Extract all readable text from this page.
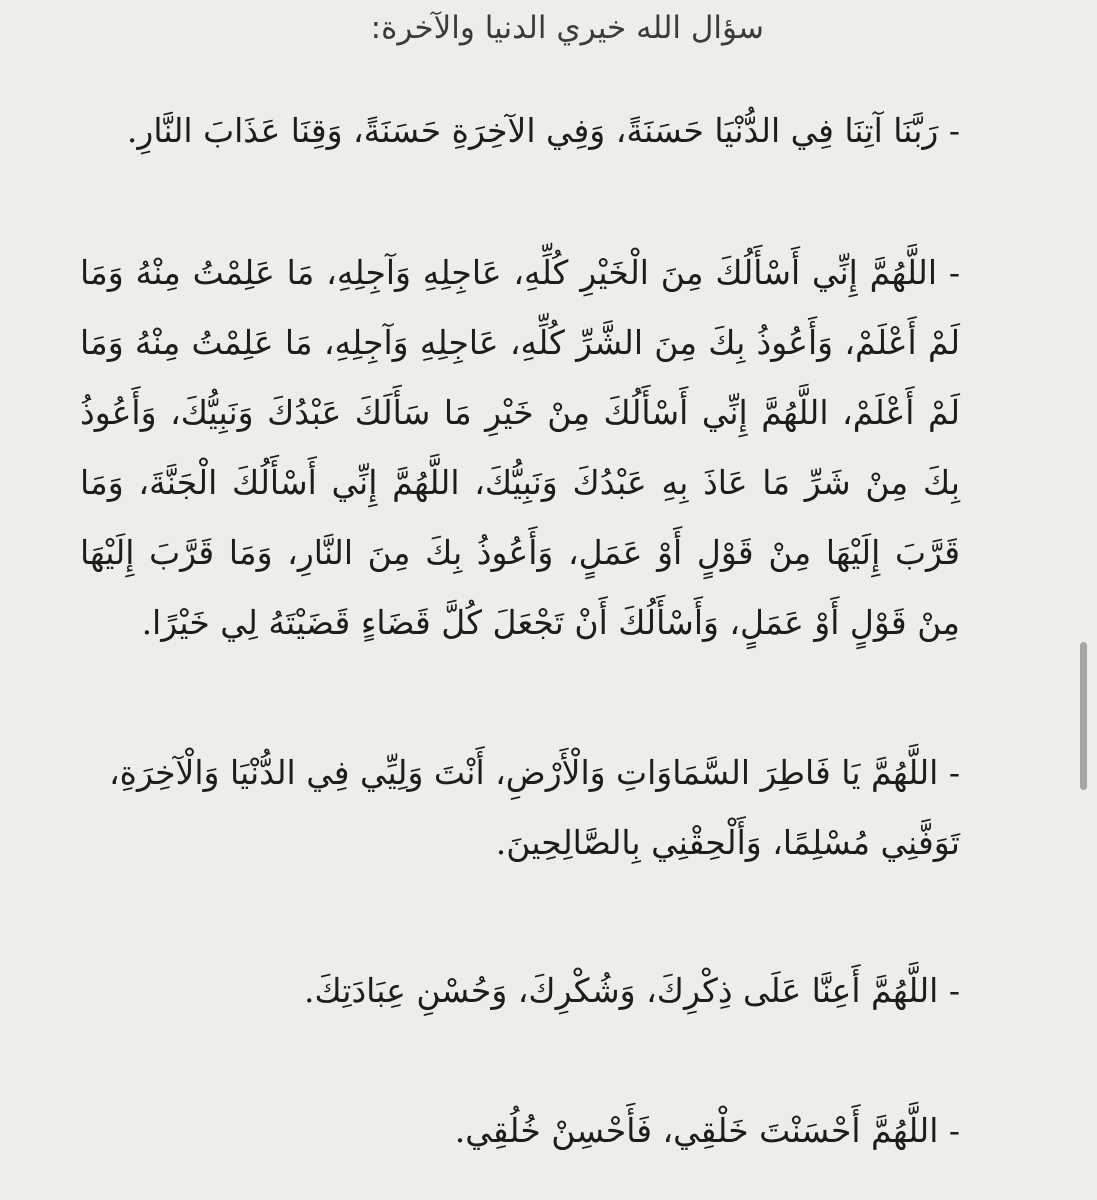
سؤال الله خيري الدنيا والآخرة:

- رَبَّنَا آتِنَا فِي الدُّنْيَا حَسَنَةً، وَفِي الآخِرَةِ حَسَنَةً، وَقِنَا عَذَابَ النَّارِ.

- اللَّهُمَّ إِنِّي أَسْأَلُكَ مِنَ الْخَيْرِ كُلِّهِ، عَاجِلِهِ وَآجِلِهِ، مَا عَلِمْتُ مِنْهُ وَمَا لَمْ أَعْلَمْ، وَأَعُوذُ بِكَ مِنَ الشَّرِّ كُلِّهِ، عَاجِلِهِ وَآجِلِهِ، مَا عَلِمْتُ مِنْهُ وَمَا لَمْ أَعْلَمْ، اللَّهُمَّ إِنِّي أَسْأَلُكَ مِنْ خَيْرِ مَا سَأَلَكَ عَبْدُكَ وَنَبِيُّكَ، وَأَعُوذُ بِكَ مِنْ شَرِّ مَا عَاذَ بِهِ عَبْدُكَ وَنَبِيُّكَ، اللَّهُمَّ إِنِّي أَسْأَلُكَ الْجَنَّةَ، وَمَا قَرَّبَ إِلَيْهَا مِنْ قَوْلٍ أَوْ عَمَلٍ، وَأَعُوذُ بِكَ مِنَ النَّارِ، وَمَا قَرَّبَ إِلَيْهَا مِنْ قَوْلٍ أَوْ عَمَلٍ، وَأَسْأَلُكَ أَنْ تَجْعَلَ كُلَّ قَضَاءٍ قَضَيْتَهُ لِي خَيْرًا.

- اللَّهُمَّ يَا فَاطِرَ السَّمَاوَاتِ وَالْأَرْضِ، أَنْتَ وَلِيِّي فِي الدُّنْيَا وَالْآخِرَةِ، تَوَفَّنِي مُسْلِمًا، وَأَلْحِقْنِي بِالصَّالِحِينَ.

- اللَّهُمَّ أَعِنَّا عَلَى ذِكْرِكَ، وَشُكْرِكَ، وَحُسْنِ عِبَادَتِكَ.

- اللَّهُمَّ أَحْسَنْتَ خَلْقِي، فَأَحْسِنْ خُلُقِي.
